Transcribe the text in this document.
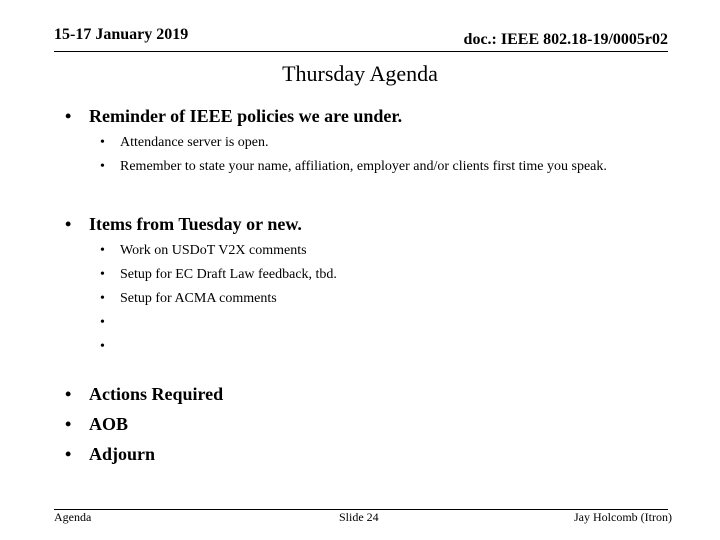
15-17 January 2019	doc.: IEEE 802.18-19/0005r02
Thursday Agenda
• Reminder of IEEE policies we are under.
• Attendance server is open.
• Remember to state your name, affiliation, employer and/or clients first time you speak.
• Items from Tuesday or new.
• Work on USDoT V2X comments
• Setup for EC Draft Law feedback, tbd.
• Setup for ACMA comments
•
•
• Actions Required
• AOB
• Adjourn
Agenda	Slide 24	Jay Holcomb (Itron)
